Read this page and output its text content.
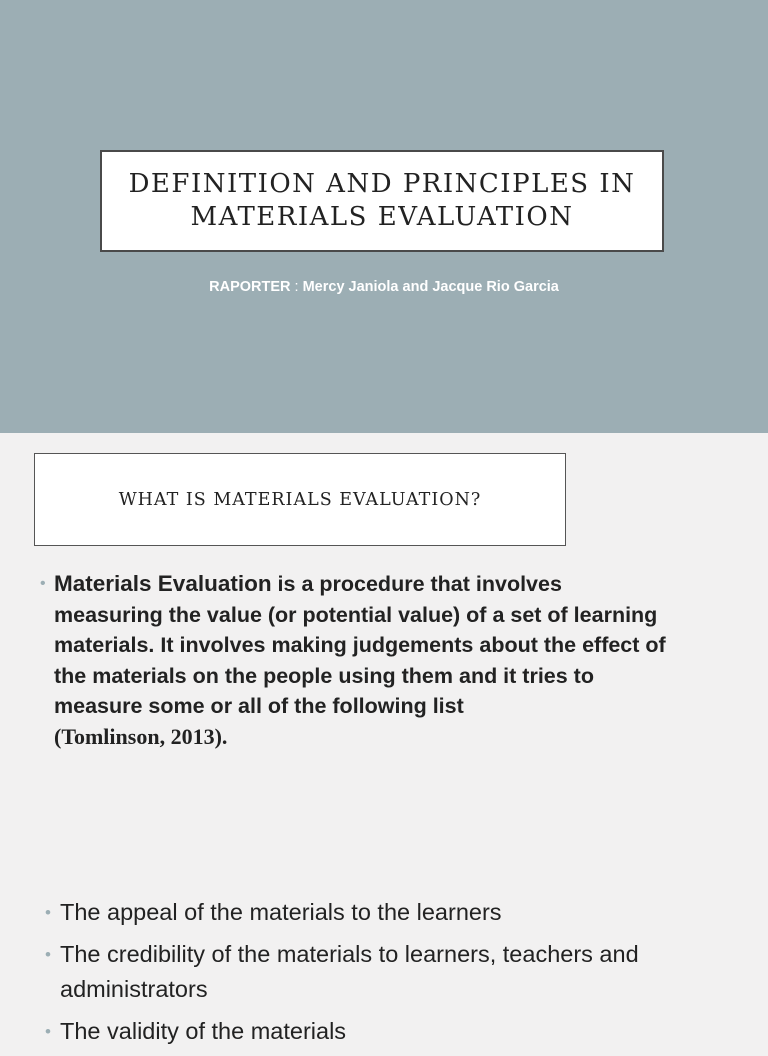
DEFINITION AND PRINCIPLES IN
MATERIALS EVALUATION
RAPORTER : Mercy Janiola and Jacque Rio Garcia
WHAT IS MATERIALS EVALUATION?
• Materials Evaluation is a procedure that involves measuring the value (or potential value) of a set of learning materials. It involves making judgements about the effect of the materials on the people using them and it tries to measure some or all of the following list
(Tomlinson, 2013).
• The appeal of the materials to the learners
• The credibility of the materials to learners, teachers and administrators
• The validity of the materials
